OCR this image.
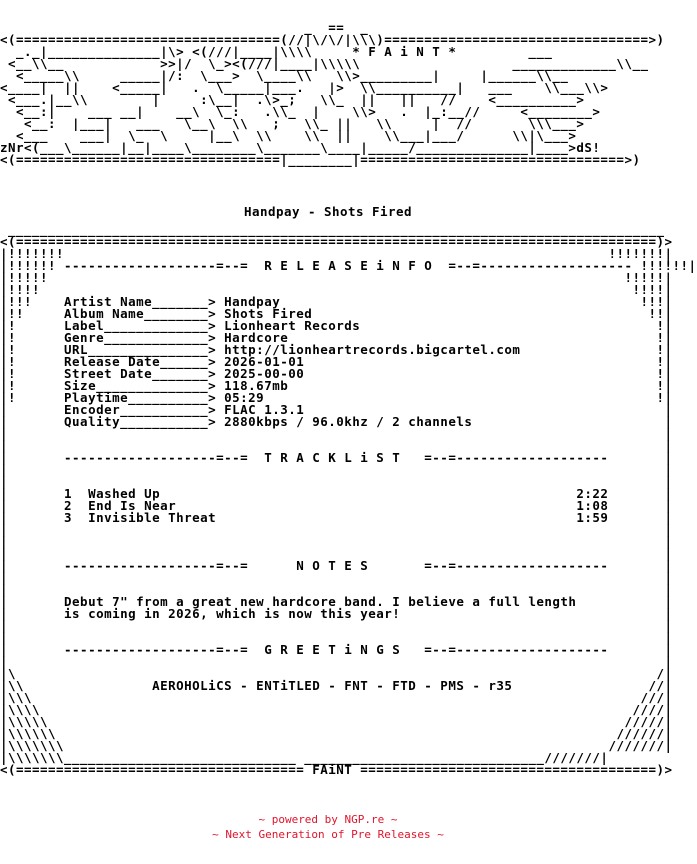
_  ==  _
<(=================================(//|\/\/|\\\)=================================>)
_._|______________|\> <(///|____|\\\\     * F A i N T *         ___
<__\\__            >>|/  \_><(///|____|\\\\\                   _____________\\__
<_____\\     _____|/:  \___>  \____\\   \\>_________|     |______\\__
<____|  ||    <_____|   .  \_____|___.   |>  \\__________|   ___    \\___\\>
<___.|__\\        |     :\__|  .\>_;   \\_  ||   ||   //    <__________>
<__:|    ___ __|    __\  \_:   .\\_  |    \\>   .  |_:__//     <________>
<__:  |___|   ___   \__\  \\   ;   \\_ ||   \\     |  //       \\\___>
<___    ___|  \_  \     |__\  \\    \\  ||    \\___|___/      \\|\___>
zNr<(___\______|__|____\________\_______\____|_____/______________|____>dS!
<(=================================|________|=================================>)
Handpay - Shots Fired
__________________________________________________________________________________
<(================================================================================)>
|!!!!!!!	!!!!!!!|
|!!!!!! -------------------=--=  R E L E A S E i N F O  =--=------------------- !!!!!!|
|!!!!!	!!!!!|
|!!!!	!!!!|
|!!!	Artist Name_______> Handpay	!!!|
|!!	Album Name________> Shots Fired	!!|
|!	Label_____________> Lionheart Records	!|
|!	Genre_____________> Hardcore	!|
|!	URL_______________> http://lionheartrecords.bigcartel.com	!|
|!	Release Date______> 2026-01-01	!|
|!	Street Date_______> 2025-00-00	!|
|!	Size______________> 118.67mb	!|
|!	Playtime__________> 05:29	!|
|	Encoder___________> FLAC 1.3.1	|
|	Quality___________> 2880kbps / 96.0khz / 2 channels	|
|	|
|	|
|	-------------------=--=  T R A C K L i S T   =--=-------------------	|
|	|
|	|
|	1  Washed Up                                                    2:22	|
|	2  End Is Near                                                  1:08	|
|	3  Invisible Threat                                             1:59	|
|	|
|	|
|	|
|	-------------------=--=      N O T E S       =--=-------------------	|
|	|
|	|
|	Debut 7" from a great new hardcore band. I believe a full length	|
|	is coming in 2026, which is now this year!	|
|	|
|	|
|	-------------------=--=  G R E E T i N G S   =--=-------------------	|
|	|
|\	/|
|\\	AEROHOLiCS - ENTiTLED - FNT - FTD - PMS - r35	//|
|\\\	///|
|\\\\	////|
|\\\\\	/////|
|\\\\\\	//////|
|\\\\\\\	///////|
|\\\\\\\_____________________________ ______________________________///////|
<(==================================== FAiNT =====================================)>
~ powered by NGP.re ~
~ Next Generation of Pre Releases ~
